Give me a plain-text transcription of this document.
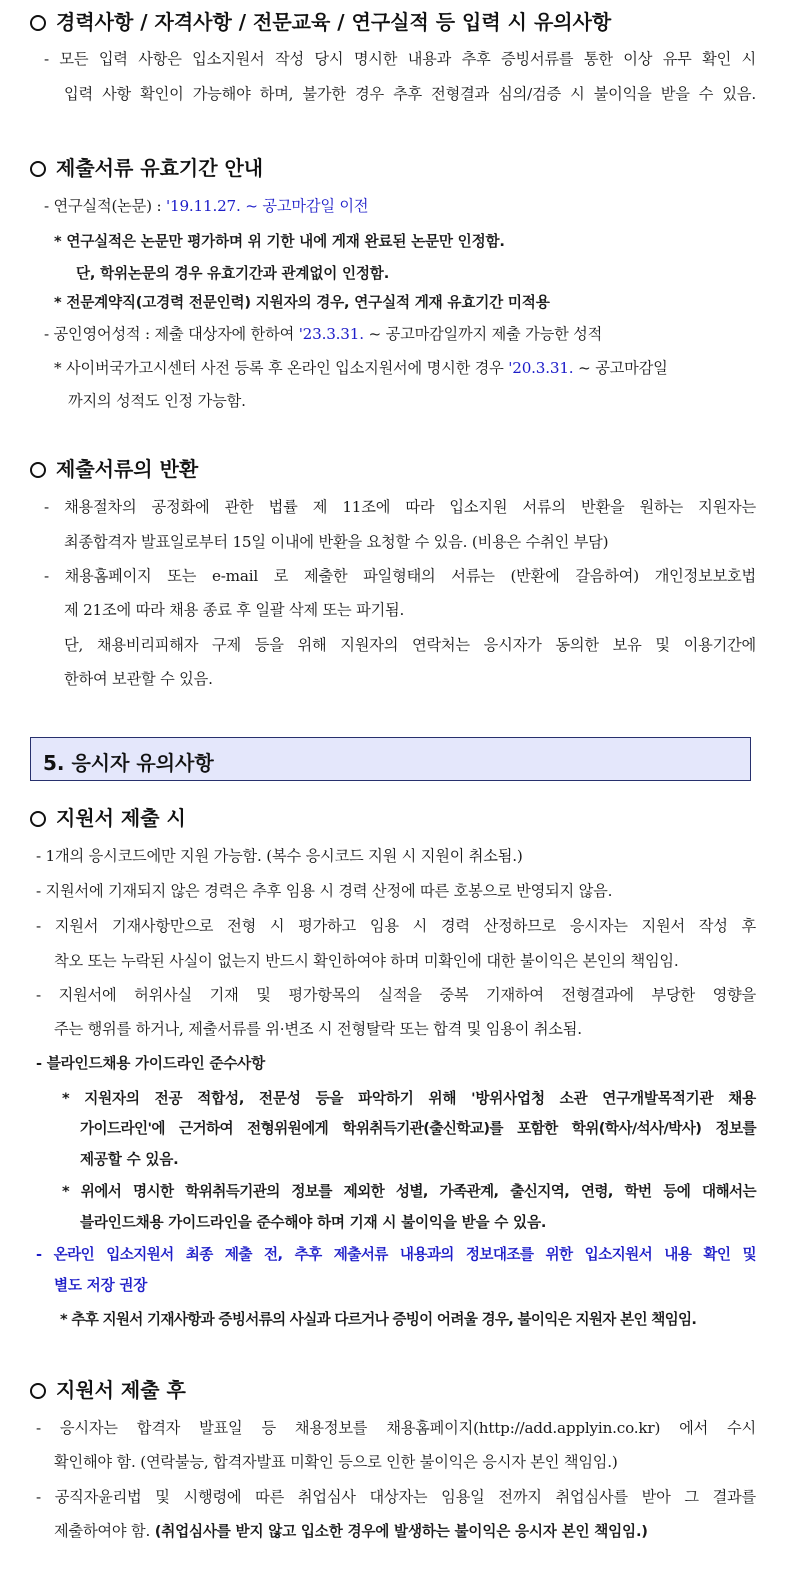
경력사항 / 자격사항 / 전문교육 / 연구실적 등 입력 시 유의사항
- 모든 입력 사항은 입소지원서 작성 당시 명시한 내용과 추후 증빙서류를 통한 이상 유무 확인 시
입력 사항 확인이 가능해야 하며, 불가한 경우 추후 전형결과 심의/검증 시 불이익을 받을 수 있음.
제출서류 유효기간 안내
- 연구실적(논문) : '19.11.27. ~ 공고마감일 이전
* 연구실적은 논문만 평가하며 위 기한 내에 게재 완료된 논문만 인정함.
단, 학위논문의 경우 유효기간과 관계없이 인정함.
* 전문계약직(고경력 전문인력) 지원자의 경우, 연구실적 게재 유효기간 미적용
- 공인영어성적 : 제출 대상자에 한하여 '23.3.31. ~ 공고마감일까지 제출 가능한 성적
* 사이버국가고시센터 사전 등록 후 온라인 입소지원서에 명시한 경우 '20.3.31. ~ 공고마감일
까지의 성적도 인정 가능함.
제출서류의 반환
- 채용절차의 공정화에 관한 법률 제 11조에 따라 입소지원 서류의 반환을 원하는 지원자는
최종합격자 발표일로부터 15일 이내에 반환을 요청할 수 있음. (비용은 수취인 부담)
- 채용홈페이지 또는 e-mail 로 제출한 파일형태의 서류는 (반환에 갈음하여) 개인정보보호법
제 21조에 따라 채용 종료 후 일괄 삭제 또는 파기됨.
단, 채용비리피해자 구제 등을 위해 지원자의 연락처는 응시자가 동의한 보유 및 이용기간에
한하여 보관할 수 있음.
5. 응시자 유의사항
지원서 제출 시
- 1개의 응시코드에만 지원 가능함. (복수 응시코드 지원 시 지원이 취소됨.)
- 지원서에 기재되지 않은 경력은 추후 임용 시 경력 산정에 따른 호봉으로 반영되지 않음.
- 지원서 기재사항만으로 전형 시 평가하고 임용 시 경력 산정하므로 응시자는 지원서 작성 후
착오 또는 누락된 사실이 없는지 반드시 확인하여야 하며 미확인에 대한 불이익은 본인의 책임임.
- 지원서에 허위사실 기재 및 평가항목의 실적을 중복 기재하여 전형결과에 부당한 영향을
주는 행위를 하거나, 제출서류를 위·변조 시 전형탈락 또는 합격 및 임용이 취소됨.
- 블라인드채용 가이드라인 준수사항
* 지원자의 전공 적합성, 전문성 등을 파악하기 위해 '방위사업청 소관 연구개발목적기관 채용
가이드라인'에 근거하여 전형위원에게 학위취득기관(출신학교)를 포함한 학위(학사/석사/박사) 정보를
제공할 수 있음.
* 위에서 명시한 학위취득기관의 정보를 제외한 성별, 가족관계, 출신지역, 연령, 학번 등에 대해서는
블라인드채용 가이드라인을 준수해야 하며 기재 시 불이익을 받을 수 있음.
- 온라인 입소지원서 최종 제출 전, 추후 제출서류 내용과의 정보대조를 위한 입소지원서 내용 확인 및
별도 저장 권장
* 추후 지원서 기재사항과 증빙서류의 사실과 다르거나 증빙이 어려울 경우, 불이익은 지원자 본인 책임임.
지원서 제출 후
- 응시자는 합격자 발표일 등 채용정보를 채용홈페이지(http://add.applyin.co.kr) 에서 수시
확인해야 함. (연락불능, 합격자발표 미확인 등으로 인한 불이익은 응시자 본인 책임임.)
- 공직자윤리법 및 시행령에 따른 취업심사 대상자는 임용일 전까지 취업심사를 받아 그 결과를
제출하여야 함. (취업심사를 받지 않고 입소한 경우에 발생하는 불이익은 응시자 본인 책임임.)
